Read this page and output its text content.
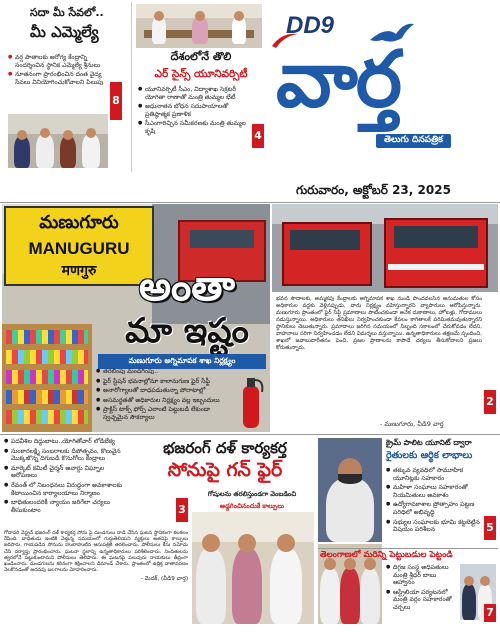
DD9
వార్త
తెలుగు దినపత్రిక
గురువారం, అక్టోబర్ 23, 2025
సదా మీ సేవలో..
మీ ఎమ్మెల్యే
● వర్ష పాతాలకు అరోగ్య కేంద్రాన్ని సందర్శించిన స్థానిక ఎమ్మెల్యే శ్రీనులు
● నూతనంగా ప్రారంభించిన దంత వైద్య సేవలు వినియోగించుకోవాలని పిలుపు
8
దేశంలోనే తొలి
ఎర్ సైన్స్ యూనివర్సిటీ
● యూనివర్సిటీ సీఎం, విద్యాశాఖ సెక్రటరీ యోగితా రాణాతో మంత్రి తుమ్మల భేటీ
● అధునాతన బోధన సదుపాయాలతో ప్రతిష్ఠాత్మక ప్రణాళిక
● సీఎంగారిచ్చిన సమీకరణకు మంత్రి తుమ్మల కృషి	4
మణుగూరు
MANUGURU
मणगुरु	అంతా
మా ఇష్టం
మణుగూరు అగ్నిమాపక శాఖ నిర్లక్ష్యం
● తరలింపు మందగింపు..
● ఫైర్ స్టేషన్ భవనాల్లోనూ కాలానుగుణ ఫైర్ సేఫ్టీ
● అనారోగ్యాలతో బాధపడుతున్నా పోరాటాల్లో
● అసమర్థతతో అధికారుల నిర్లక్ష్యం వల్ల ఇబ్బందులు
● ప్రాక్టిస్ టాక్స్ ఫోర్స్ ఎలాంటి పెట్టుబడి లేకుండా స్వచ్ఛమైన సౌకర్యాలు
భవన సౌదాలకు, అమ్మకపు కేంద్రాలకు అగ్నిమాపక శాఖ నుండి పొందవలసిన అనుమతుల కోసం అధికారుల వద్దకు వెళ్లినప్పుడు, వారు నిర్లక్ష్యం వహిస్తున్నారని వ్యాపారులు ఆరోపిస్తున్నారు. మణుగూరు ప్రాంతంలో ఫైర్ సేఫ్టీ ప్రమాణాలు పాటించకుండా అనేక దుకాణాలు, హోటళ్లు, గోదాములు నడుస్తున్నాయి. అధికారులు తనిఖీలు నిర్వహించకుండా కేవలం కాగితాలకే పరిమితమవుతున్నారని స్థానికులు చెబుతున్నారు. ప్రమాదాలు జరిగిన సమయంలో సిబ్బంది సకాలంలో చేరుకోవడం లేదని, వాహనాలు సరిగా నిర్వహించడం లేదని విమర్శలు వస్తున్నాయి. ఉన్నతాధికారులు తక్షణమే స్పందించి, శాఖలో జవాబుదారీతనం పెంచి, ప్రజల ప్రాణాలను కాపాడే చర్యలు తీసుకోవాలని ప్రజలు కోరుతున్నారు.
2
- మణుగూరు, వీడి9 వార్త
● పదవీశిల దిద్దుబాటు..యోగితోచార్ లోడిబేక్య
● సుంకారలక్ష్మి సంబరాలకు దీపోత్సవం, కొలువైన మొక్కజొన్న దిగుబడి కొనుగోలు కేంద్రాలు
● మార్కెట్ కమిటీ చైర్మన్ అవార్డు విఘ్నాల అరోపణలు
● రేవంత్ లో నిబంధనలు విరుద్ధంగా అవకాశాలకు కేటాయించిన కార్యాలయాలు నిర్మాణం
● బాధితులందరికీ న్యాయం జరిగేలా చర్యలు తీసుకుంటాం
గోదావరి వెస్ట్రన్ భజరంగ్ దళ్ కార్యకర్త సోను పై దుండగులు దాడి చేసిన ఘటన స్థానికంగా కలకలం రేపింది. బాధితుడు ఇంటికి వెళ్తున్న సమయంలో గుర్తుతెలియని వ్యక్తులు అతనిపై కాల్పులు జరిపారు. గాయపడిన సోనును హుటాహుటిన ఆసుపత్రికి తరలించారు. పోలీసులు కేసు నమోదు చేసి దర్యాప్తు ప్రారంభించారు. ఘటనా స్థలాన్ని ఉన్నతాధికారులు పరిశీలించారు. నిందితులను త్వరలోనే పట్టుకుంటామని పోలీసులు తెలిపారు. ఈ ఘటనపై పలువురు నాయకులు తీవ్రంగా ఖండించారు. దుండగులను కఠినంగా శిక్షించాలని డిమాండ్ చేశారు. ప్రాంతంలో ఉద్రిక్త వాతావరణం నెలకొనడంతో అదనపు బలగాలను మోహరించారు.
- మెదక్, (వీడి9 వార్త)
భజరంగ్ దళ్ కార్యకర్త
సోనుపై గన్ ఫైర్
గోషులను తరలిస్తుండగా వెంబడించి
అడ్డగించినందుకే కాల్పులు
3
క్రైమ్ పాలిట యూనిట్ ద్వారా
రైతులకు ఆర్థిక లాభాలు
● తక్కువ వ్యవధిలో సామూహిక యూనిట్లకు సహకారం
● మహిళా సంఘాలు సహకారంతో నియమితులు అవకాశం
● ఉద్యోగావకాశాల ప్రోత్సాహం పట్టణ పరిధిలో అభివృద్ధి
● సభ్యుల సంఘాలకు భూమి కట్టబెట్టిన విషయం పరిశీలన	5
తెలంగాణలో మరిన్ని పెట్టుబడుల పెట్టండి
● దిగ్గజ సంస్థ అధిపతులు మంత్రి శ్రీధర్ బాబు ఆహ్వానం
● ఆస్ట్రేలియా పర్యటనలో మంత్రి వర్గం సహకారంతో చర్చలు	7
